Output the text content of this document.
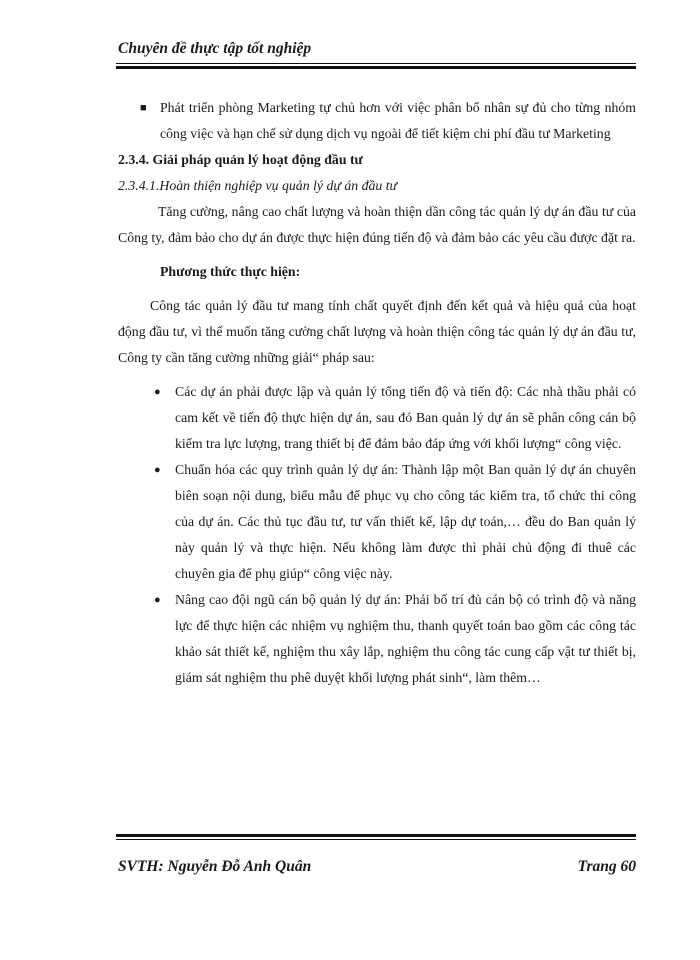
Chuyên đề thực tập tốt nghiệp
■ Phát triển phòng Marketing tự chủ hơn với việc phân bổ nhân sự đủ cho từng nhóm công việc và hạn chế sử dụng dịch vụ ngoài để tiết kiệm chi phí đầu tư Marketing

2.3.4. Giải pháp quản lý hoạt động đầu tư

2.3.4.1.Hoàn thiện nghiệp vụ quản lý dự án đầu tư

Tăng cường, nâng cao chất lượng và hoàn thiện dần công tác quản lý dự án đầu tư của Công ty, đảm bảo cho dự án được thực hiện đúng tiến độ và đảm bảo các yêu cầu được đặt ra.

Phương thức thực hiện:

Công tác quản lý đầu tư mang tính chất quyết định đến kết quả và hiệu quả của hoạt động đầu tư, vì thế muốn tăng cường chất lượng và hoàn thiện công tác quản lý dự án đầu tư, Công ty cần tăng cường những giải“ pháp sau:

● Các dự án phải được lập và quản lý tổng tiến độ và tiến độ: Các nhà thầu phải có cam kết về tiến độ thực hiện dự án, sau đó Ban quản lý dự án sẽ phân công cán bộ kiểm tra lực lượng, trang thiết bị để đảm bảo đáp ứng với khối lượng“ công việc.
● Chuẩn hóa các quy trình quản lý dự án: Thành lập một Ban quản lý dự án chuyên biên soạn nội dung, biểu mẫu để phục vụ cho công tác kiểm tra, tổ chức thi công của dự án. Các thủ tục đầu tư, tư vấn thiết kế, lập dự toán,… đều do Ban quản lý này quản lý và thực hiện. Nếu không làm được thì phải chủ động đi thuê các chuyên gia để phụ giúp“ công việc này.
● Nâng cao đội ngũ cán bộ quản lý dự án: Phải bố trí đủ cán bộ có trình độ và năng lực để thực hiện các nhiệm vụ nghiệm thu, thanh quyết toán bao gồm các công tác khảo sát thiết kế, nghiệm thu xây lắp, nghiệm thu công tác cung cấp vật tư thiết bị, giám sát nghiệm thu phê duyệt khối lượng phát sinh“, làm thêm…
SVTH: Nguyễn Đỗ Anh Quân	Trang 60
